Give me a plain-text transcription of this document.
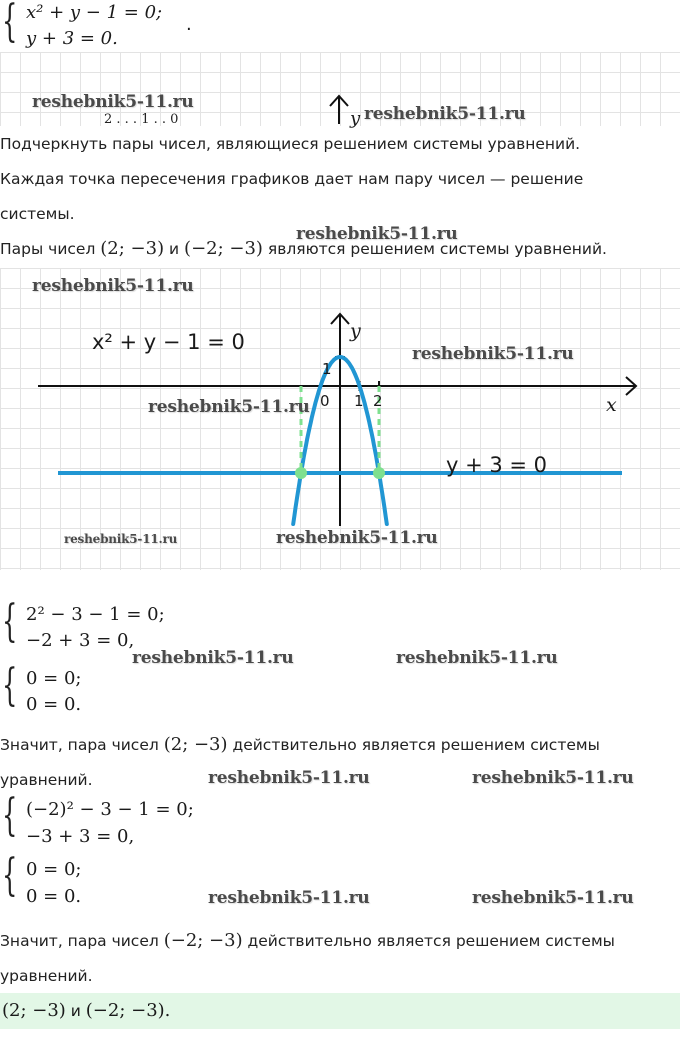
{ x² + y − 1 = 0;
y + 3 = 0.
.
2 . . . 1 . . 0	y
reshebnik5-11.ru
reshebnik5-11.ru
Подчеркнуть пары чисел, являющиеся решением системы уравнений.
Каждая точка пересечения графиков дает нам пару чисел — решение
системы.
reshebnik5-11.ru
Пары чисел (2; −3) и (−2; −3) являются решением системы уравнений.
x² + y − 1 = 0
y + 3 = 0
y
x
0 1 2
1
reshebnik5-11.ru
reshebnik5-11.ru
reshebnik5-11.ru
reshebnik5-11.ru	reshebnik5-11.ru
{ 2² − 3 − 1 = 0;
−2 + 3 = 0,
reshebnik5-11.ru	reshebnik5-11.ru
{ 0 = 0;
0 = 0.
Значит, пара чисел (2; −3) действительно является решением системы
уравнений.	reshebnik5-11.ru	reshebnik5-11.ru
{ (−2)² − 3 − 1 = 0;
−3 + 3 = 0,
{ 0 = 0;
0 = 0.	reshebnik5-11.ru	reshebnik5-11.ru
Значит, пара чисел (−2; −3) действительно является решением системы
уравнений.
(2; −3) и (−2; −3).
